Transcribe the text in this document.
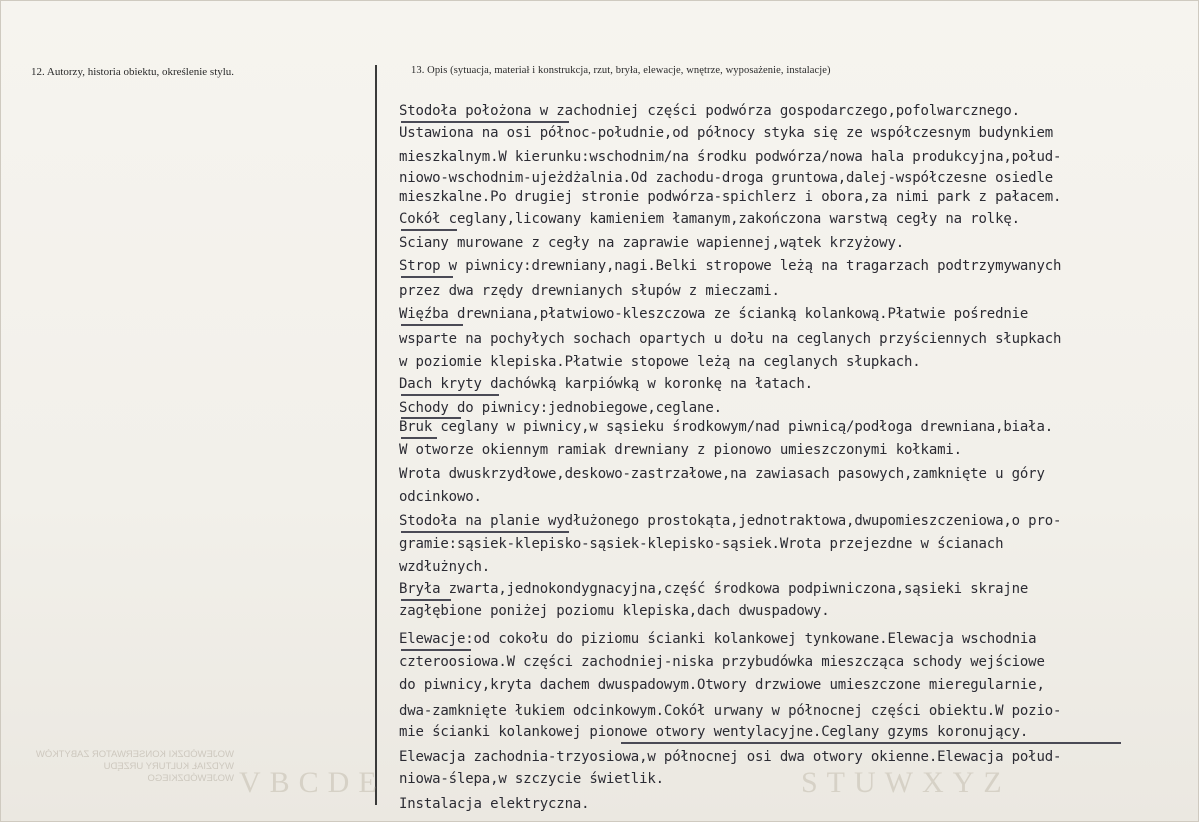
12. Autorzy, historia obiektu, określenie stylu.	13. Opis (sytuacja, materiał i konstrukcja, rzut, bryła, elewacje, wnętrze, wyposażenie, instalacje)
WOJEWÓDZKI KONSERWATOR ZABYTKÓW WYDZIAŁ KULTURY URZĘDU WOJEWÓDZKIEGO VBCDE	STUWXYZ
Stodoła położona w zachodniej części podwórza gospodarczego,pofolwarcznego.
Ustawiona na osi północ-południe,od północy styka się ze współczesnym budynkiem
mieszkalnym.W kierunku:wschodnim/na środku podwórza/nowa hala produkcyjna,połud-
niowo-wschodnim-ujeżdżalnia.Od zachodu-droga gruntowa,dalej-współczesne osiedle
mieszkalne.Po drugiej stronie podwórza-spichlerz i obora,za nimi park z pałacem.
Cokół ceglany,licowany kamieniem łamanym,zakończona warstwą cegły na rolkę.
Sciany murowane z cegły na zaprawie wapiennej,wątek krzyżowy.
Strop w piwnicy:drewniany,nagi.Belki stropowe leżą na tragarzach podtrzymywanych
przez dwa rzędy drewnianych słupów z mieczami.
Więźba drewniana,płatwiowo-kleszczowa ze ścianką kolankową.Płatwie pośrednie
wsparte na pochyłych sochach opartych u dołu na ceglanych przyściennych słupkach
w poziomie klepiska.Płatwie stopowe leżą na ceglanych słupkach.
Dach kryty dachówką karpiówką w koronkę na łatach.
Schody do piwnicy:jednobiegowe,ceglane.
Bruk ceglany w piwnicy,w sąsieku środkowym/nad piwnicą/podłoga drewniana,biała.
W otworze okiennym ramiak drewniany z pionowo umieszczonymi kołkami.
Wrota dwuskrzydłowe,deskowo-zastrzałowe,na zawiasach pasowych,zamknięte u góry
odcinkowo.
Stodoła na planie wydłużonego prostokąta,jednotraktowa,dwupomieszczeniowa,o pro-
gramie:sąsiek-klepisko-sąsiek-klepisko-sąsiek.Wrota przejezdne w ścianach
wzdłużnych.
Bryła zwarta,jednokondygnacyjna,część środkowa podpiwniczona,sąsieki skrajne
zagłębione poniżej poziomu klepiska,dach dwuspadowy.
Elewacje:od cokołu do piziomu ścianki kolankowej tynkowane.Elewacja wschodnia
czteroosiowa.W części zachodniej-niska przybudówka mieszcząca schody wejściowe
do piwnicy,kryta dachem dwuspadowym.Otwory drzwiowe umieszczone mieregularnie,
dwa-zamknięte łukiem odcinkowym.Cokół urwany w północnej części obiektu.W pozio-
mie ścianki kolankowej pionowe otwory wentylacyjne.Ceglany gzyms koronujący.
Elewacja zachodnia-trzyosiowa,w północnej osi dwa otwory okienne.Elewacja połud-
niowa-ślepa,w szczycie świetlik.
Instalacja elektryczna.
